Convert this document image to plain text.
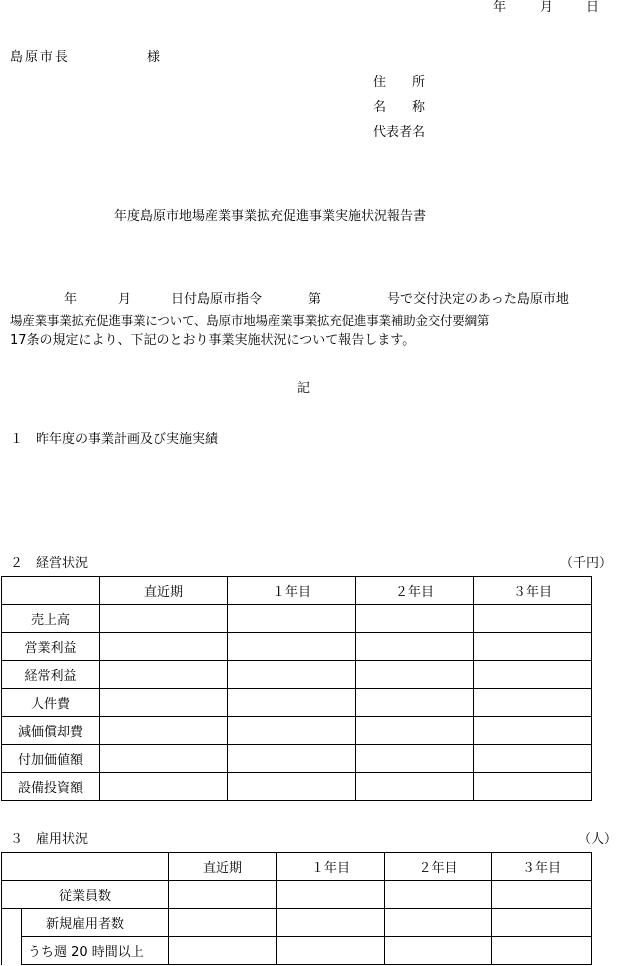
年	月	日
島原市長	様
住　　所
名　　称
代表者名
年度島原市地場産業事業拡充促進事業実施状況報告書
年	月	日付島原市指令	第	号で交付決定のあった島原市地
場産業事業拡充促進事業について、島原市地場産業事業拡充促進事業補助金交付要綱第
17条の規定により、下記のとおり事業実施状況について報告します。
記
１　昨年度の事業計画及び実施実績
２　経営状況	（千円）
	直近期	１年目	２年目	３年目
売上高				
営業利益				
経常利益				
人件費				
減価償却費				
付加価値額				
設備投資額				
３　雇用状況	（人）
		直近期	１年目	２年目	３年目
従業員数					
	新規雇用者数				
	うち週 20 時間以上				
